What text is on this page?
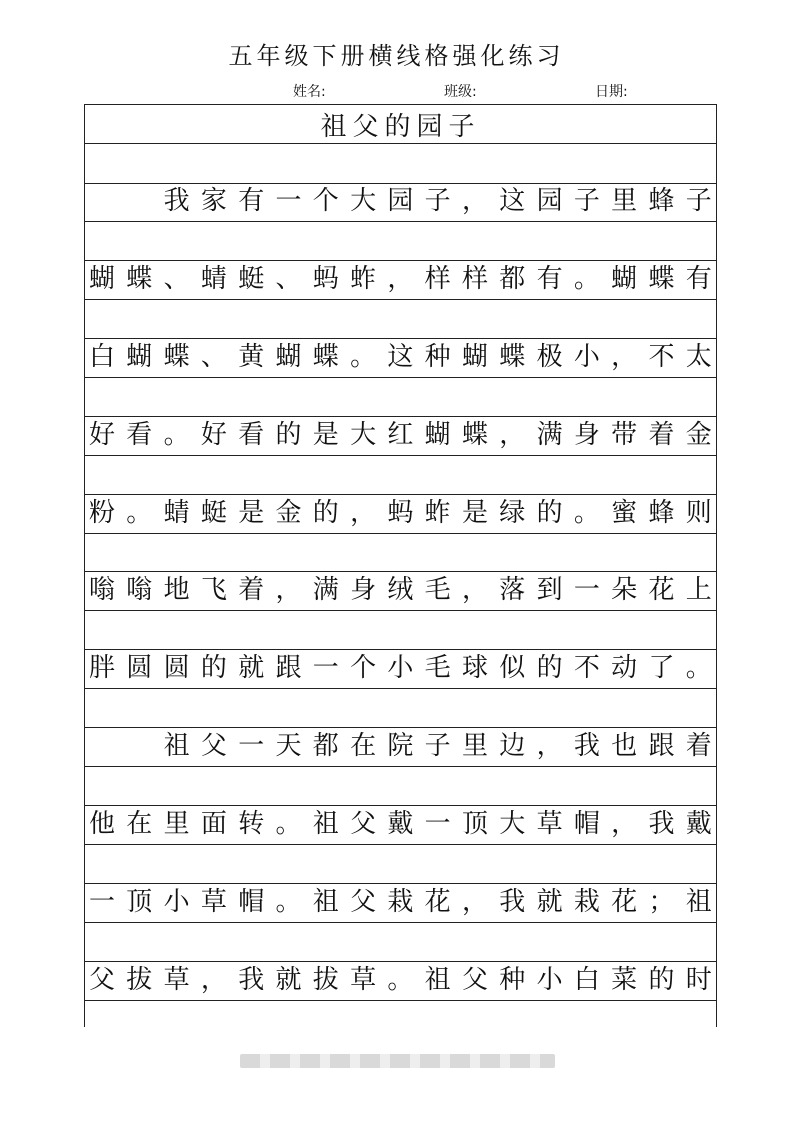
五年级下册横线格强化练习
姓名:	班级:	日期:
祖父的园子

我 家 有 一 个 大 园 子 ， 这 园 子 里 蜂 子
蝴 蝶 、 蜻 蜓 、 蚂 蚱 ， 样 样 都 有 。 蝴 蝶 有
白 蝴 蝶 、 黄 蝴 蝶 。 这 种 蝴 蝶 极 小 ， 不 太
好 看 。 好 看 的 是 大 红 蝴 蝶 ， 满 身 带 着 金
粉 。 蜻 蜓 是 金 的 ， 蚂 蚱 是 绿 的 。 蜜 蜂 则
嗡 嗡 地 飞 着 ， 满 身 绒 毛 ， 落 到 一 朵 花 上
胖 圆 圆 的 就 跟 一 个 小 毛 球 似 的 不 动 了 。

祖 父 一 天 都 在 院 子 里 边 ， 我 也 跟 着
他 在 里 面 转 。 祖 父 戴 一 顶 大 草 帽 ， 我 戴
一 顶 小 草 帽 。 祖 父 栽 花 ， 我 就 栽 花 ； 祖
父 拔 草 ， 我 就 拔 草 。 祖 父 种 小 白 菜 的 时
